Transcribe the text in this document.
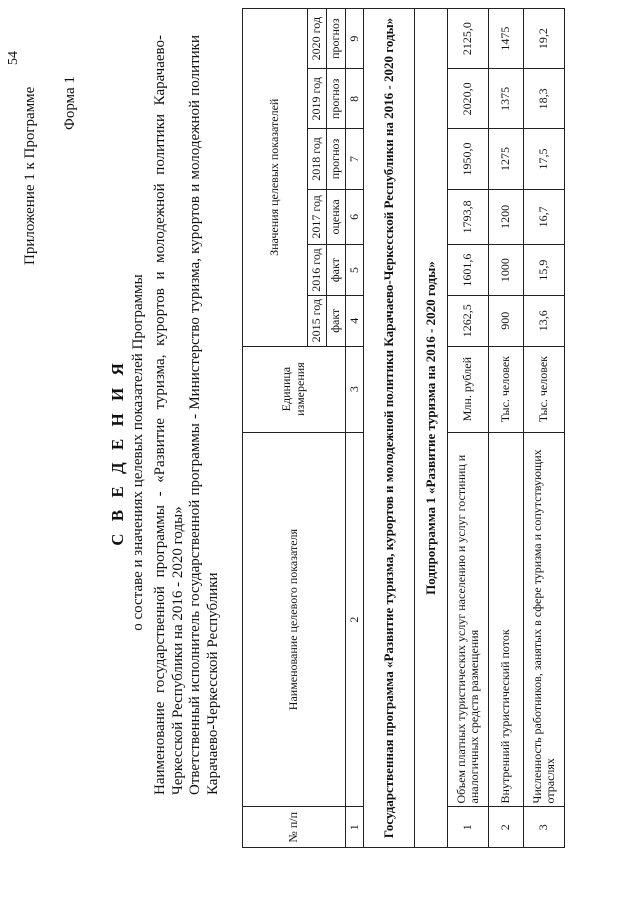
54
Приложение 1 к Программе Форма 1
С В Е Д Е Н И Я о составе и значениях целевых показателей Программы Наименование государственной программы - «Развитие туризма, курортов и молодежной политики Карачаево-Черкесской Республики на 2016 - 2020 годы» Ответственный исполнитель государственной программы - Министерство туризма, курортов и молодежной политики Карачаево-Черкесской Республики

№ п/п	Наименование целевого показателя	Единица измерения	Значения целевых показателей					
			2015 год	2016 год	2017 год	2018 год	2019 год	2020 год
			факт	факт	оценка	прогноз	прогноз	прогноз
1	2	3	4	5	6	7	8	9
Государственная программа «Развитие туризма, курортов и молодежной политики Карачаево-Черкесской Республики на 2016 - 2020 годы»								
Подпрограмма 1 «Развитие туризма на 2016 - 2020 годы»								
1	Объем платных туристических услуг населению и услуг гостиниц и аналогичных средств размещения	Млн. рублей	1262,5	1601,6	1793,8	1950,0	2020,0	2125,0
2	Внутренний туристический поток	Тыс. человек	900	1000	1200	1275	1375	1475
3	Численность работников, занятых в сфере туризма и сопутствующих отраслях	Тыс. человек	13,6	15,9	16,7	17,5	18,3	19,2
